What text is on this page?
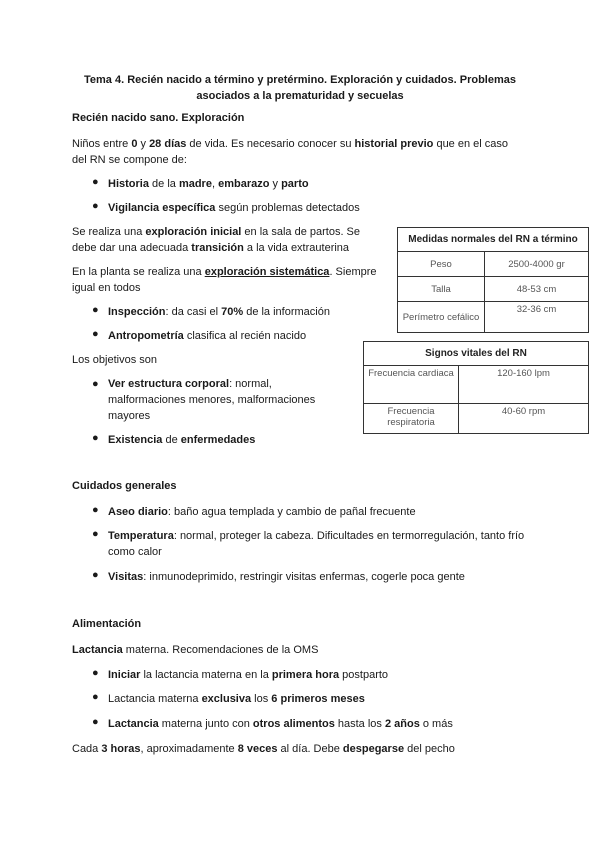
Tema 4. Recién nacido a término y pretérmino. Exploración y cuidados. Problemas
asociados a la prematuridad y secuelas
Recién nacido sano. Exploración
Niños entre 0 y 28 días de vida. Es necesario conocer su historial previo que en el caso
del RN se compone de:
● Historia de la madre, embarazo y parto
● Vigilancia específica según problemas detectados
Se realiza una exploración inicial en la sala de partos. Se
debe dar una adecuada transición a la vida extrauterina
En la planta se realiza una exploración sistemática. Siempre
igual en todos
● Inspección: da casi el 70% de la información
● Antropometría clasifica al recién nacido
Los objetivos son
● Ver estructura corporal: normal,
malformaciones menores, malformaciones
mayores
● Existencia de enfermedades
Medidas normales del RN a término	
Peso	2500-4000 gr
Talla	48-53 cm
Perímetro cefálico	32-36 cm
Signos vitales del RN	
Frecuencia cardiaca	120-160 lpm
Frecuencia respiratoria	40-60 rpm
Cuidados generales
● Aseo diario: baño agua templada y cambio de pañal frecuente
● Temperatura: normal, proteger la cabeza. Dificultades en termorregulación, tanto frío
como calor
● Visitas: inmunodeprimido, restringir visitas enfermas, cogerle poca gente
Alimentación
Lactancia materna. Recomendaciones de la OMS
● Iniciar la lactancia materna en la primera hora postparto
● Lactancia materna exclusiva los 6 primeros meses
● Lactancia materna junto con otros alimentos hasta los 2 años o más
Cada 3 horas, aproximadamente 8 veces al día. Debe despegarse del pecho
